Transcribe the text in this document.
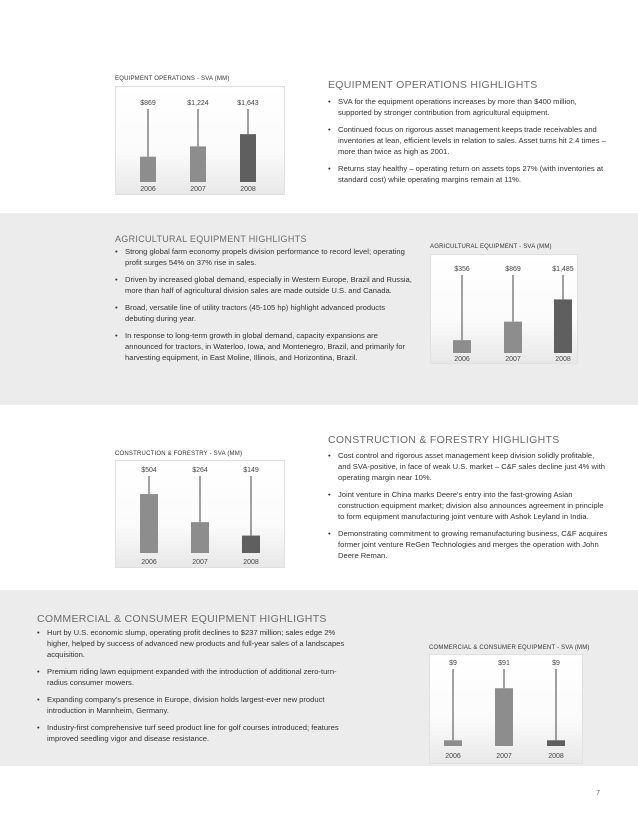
EQUIPMENT OPERATIONS - SVA (MM)
$869
2006
$1,224
2007
$1,643
2008
EQUIPMENT OPERATIONS HIGHLIGHTS
• SVA for the equipment operations increases by more than $400 million, supported by stronger contribution from agricultural equipment.
• Continued focus on rigorous asset management keeps trade receivables and inventories at lean, efficient levels in relation to sales. Asset turns hit 2.4 times – more than twice as high as 2001.
• Returns stay healthy – operating return on assets tops 27% (with inventories at standard cost) while operating margins remain at 11%.
AGRICULTURAL EQUIPMENT HIGHLIGHTS
• Strong global farm economy propels division performance to record level; operating profit surges 54% on 37% rise in sales.
• Driven by increased global demand, especially in Western Europe, Brazil and Russia, more than half of agricultural division sales are made outside U.S. and Canada.
• Broad, versatile line of utility tractors (45-105 hp) highlight advanced products debuting during year.
• In response to long-term growth in global demand, capacity expansions are announced for tractors, in Waterloo, Iowa, and Montenegro, Brazil, and primarily for harvesting equipment, in East Moline, Illinois, and Horizontina, Brazil.
AGRICULTURAL EQUIPMENT - SVA (MM)
$356
2006
$869
2007
$1,485
2008
CONSTRUCTION & FORESTRY - SVA (MM)
$504
2006
$264
2007
$149
2008
CONSTRUCTION & FORESTRY HIGHLIGHTS
• Cost control and rigorous asset management keep division solidly profitable, and SVA-positive, in face of weak U.S. market – C&F sales decline just 4% with operating margin near 10%.
• Joint venture in China marks Deere's entry into the fast-growing Asian construction equipment market; division also announces agreement in principle to form equipment manufacturing joint venture with Ashok Leyland in India.
• Demonstrating commitment to growing remanufacturing business, C&F acquires former joint venture ReGen Technologies and merges the operation with John Deere Reman.
COMMERCIAL & CONSUMER EQUIPMENT HIGHLIGHTS
• Hurt by U.S. economic slump, operating profit declines to $237 million; sales edge 2% higher, helped by success of advanced new products and full-year sales of a landscapes acquisition.
• Premium riding lawn equipment expanded with the introduction of additional zero-turn-radius consumer mowers.
• Expanding company's presence in Europe, division holds largest-ever new product introduction in Mannheim, Germany.
• Industry-first comprehensive turf seed product line for golf courses introduced; features improved seedling vigor and disease resistance.
COMMERCIAL & CONSUMER EQUIPMENT - SVA (MM)
$9
2006
$91
2007
$9
2008
7
